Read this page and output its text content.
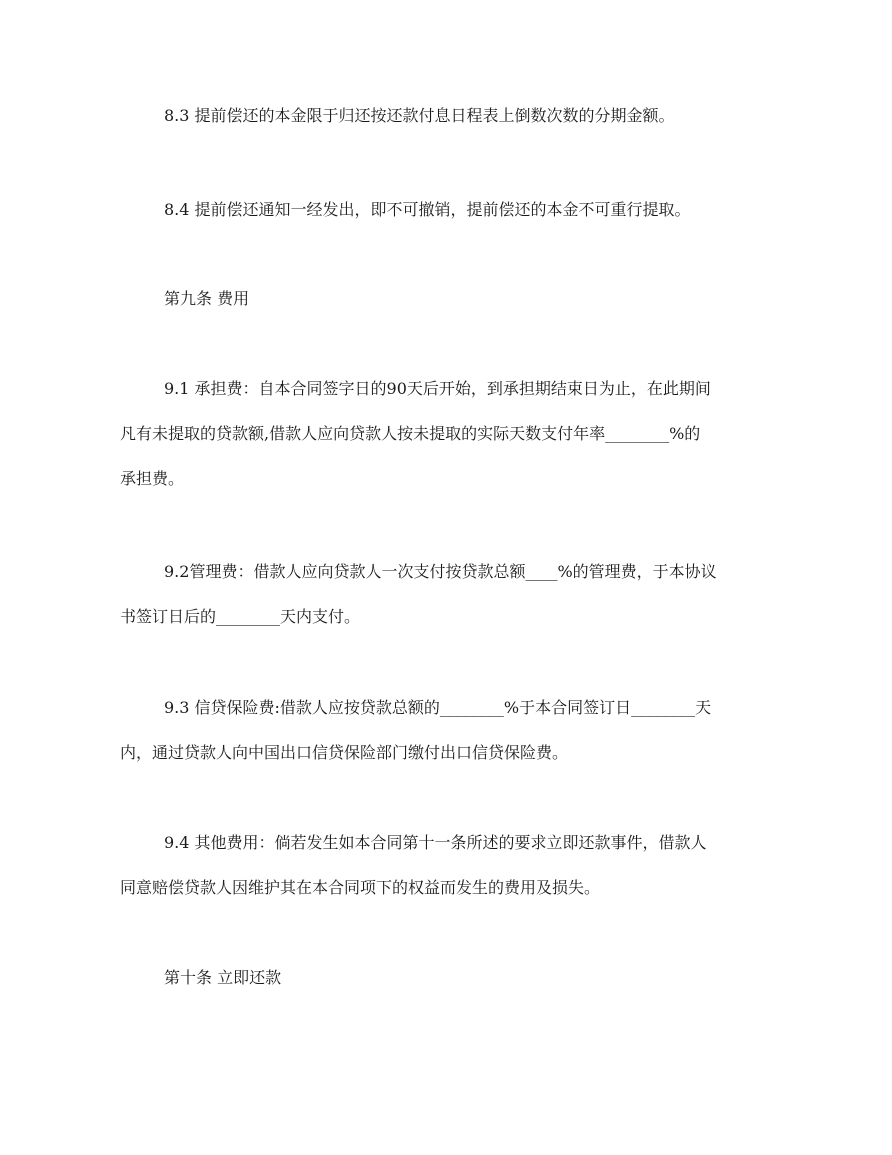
8.3 提前偿还的本金限于归还按还款付息日程表上倒数次数的分期金额。
8.4 提前偿还通知一经发出，即不可撤销，提前偿还的本金不可重行提取。
第九条 费用
9.1 承担费：自本合同签字日的90天后开始，到承担期结束日为止，在此期间
凡有未提取的贷款额,借款人应向贷款人按未提取的实际天数支付年率________%的
承担费。
9.2管理费：借款人应向贷款人一次支付按贷款总额____%的管理费，于本协议
书签订日后的________天内支付。
9.3 信贷保险费:借款人应按贷款总额的________%于本合同签订日________天
内，通过贷款人向中国出口信贷保险部门缴付出口信贷保险费。
9.4 其他费用：倘若发生如本合同第十一条所述的要求立即还款事件，借款人
同意赔偿贷款人因维护其在本合同项下的权益而发生的费用及损失。
第十条 立即还款
